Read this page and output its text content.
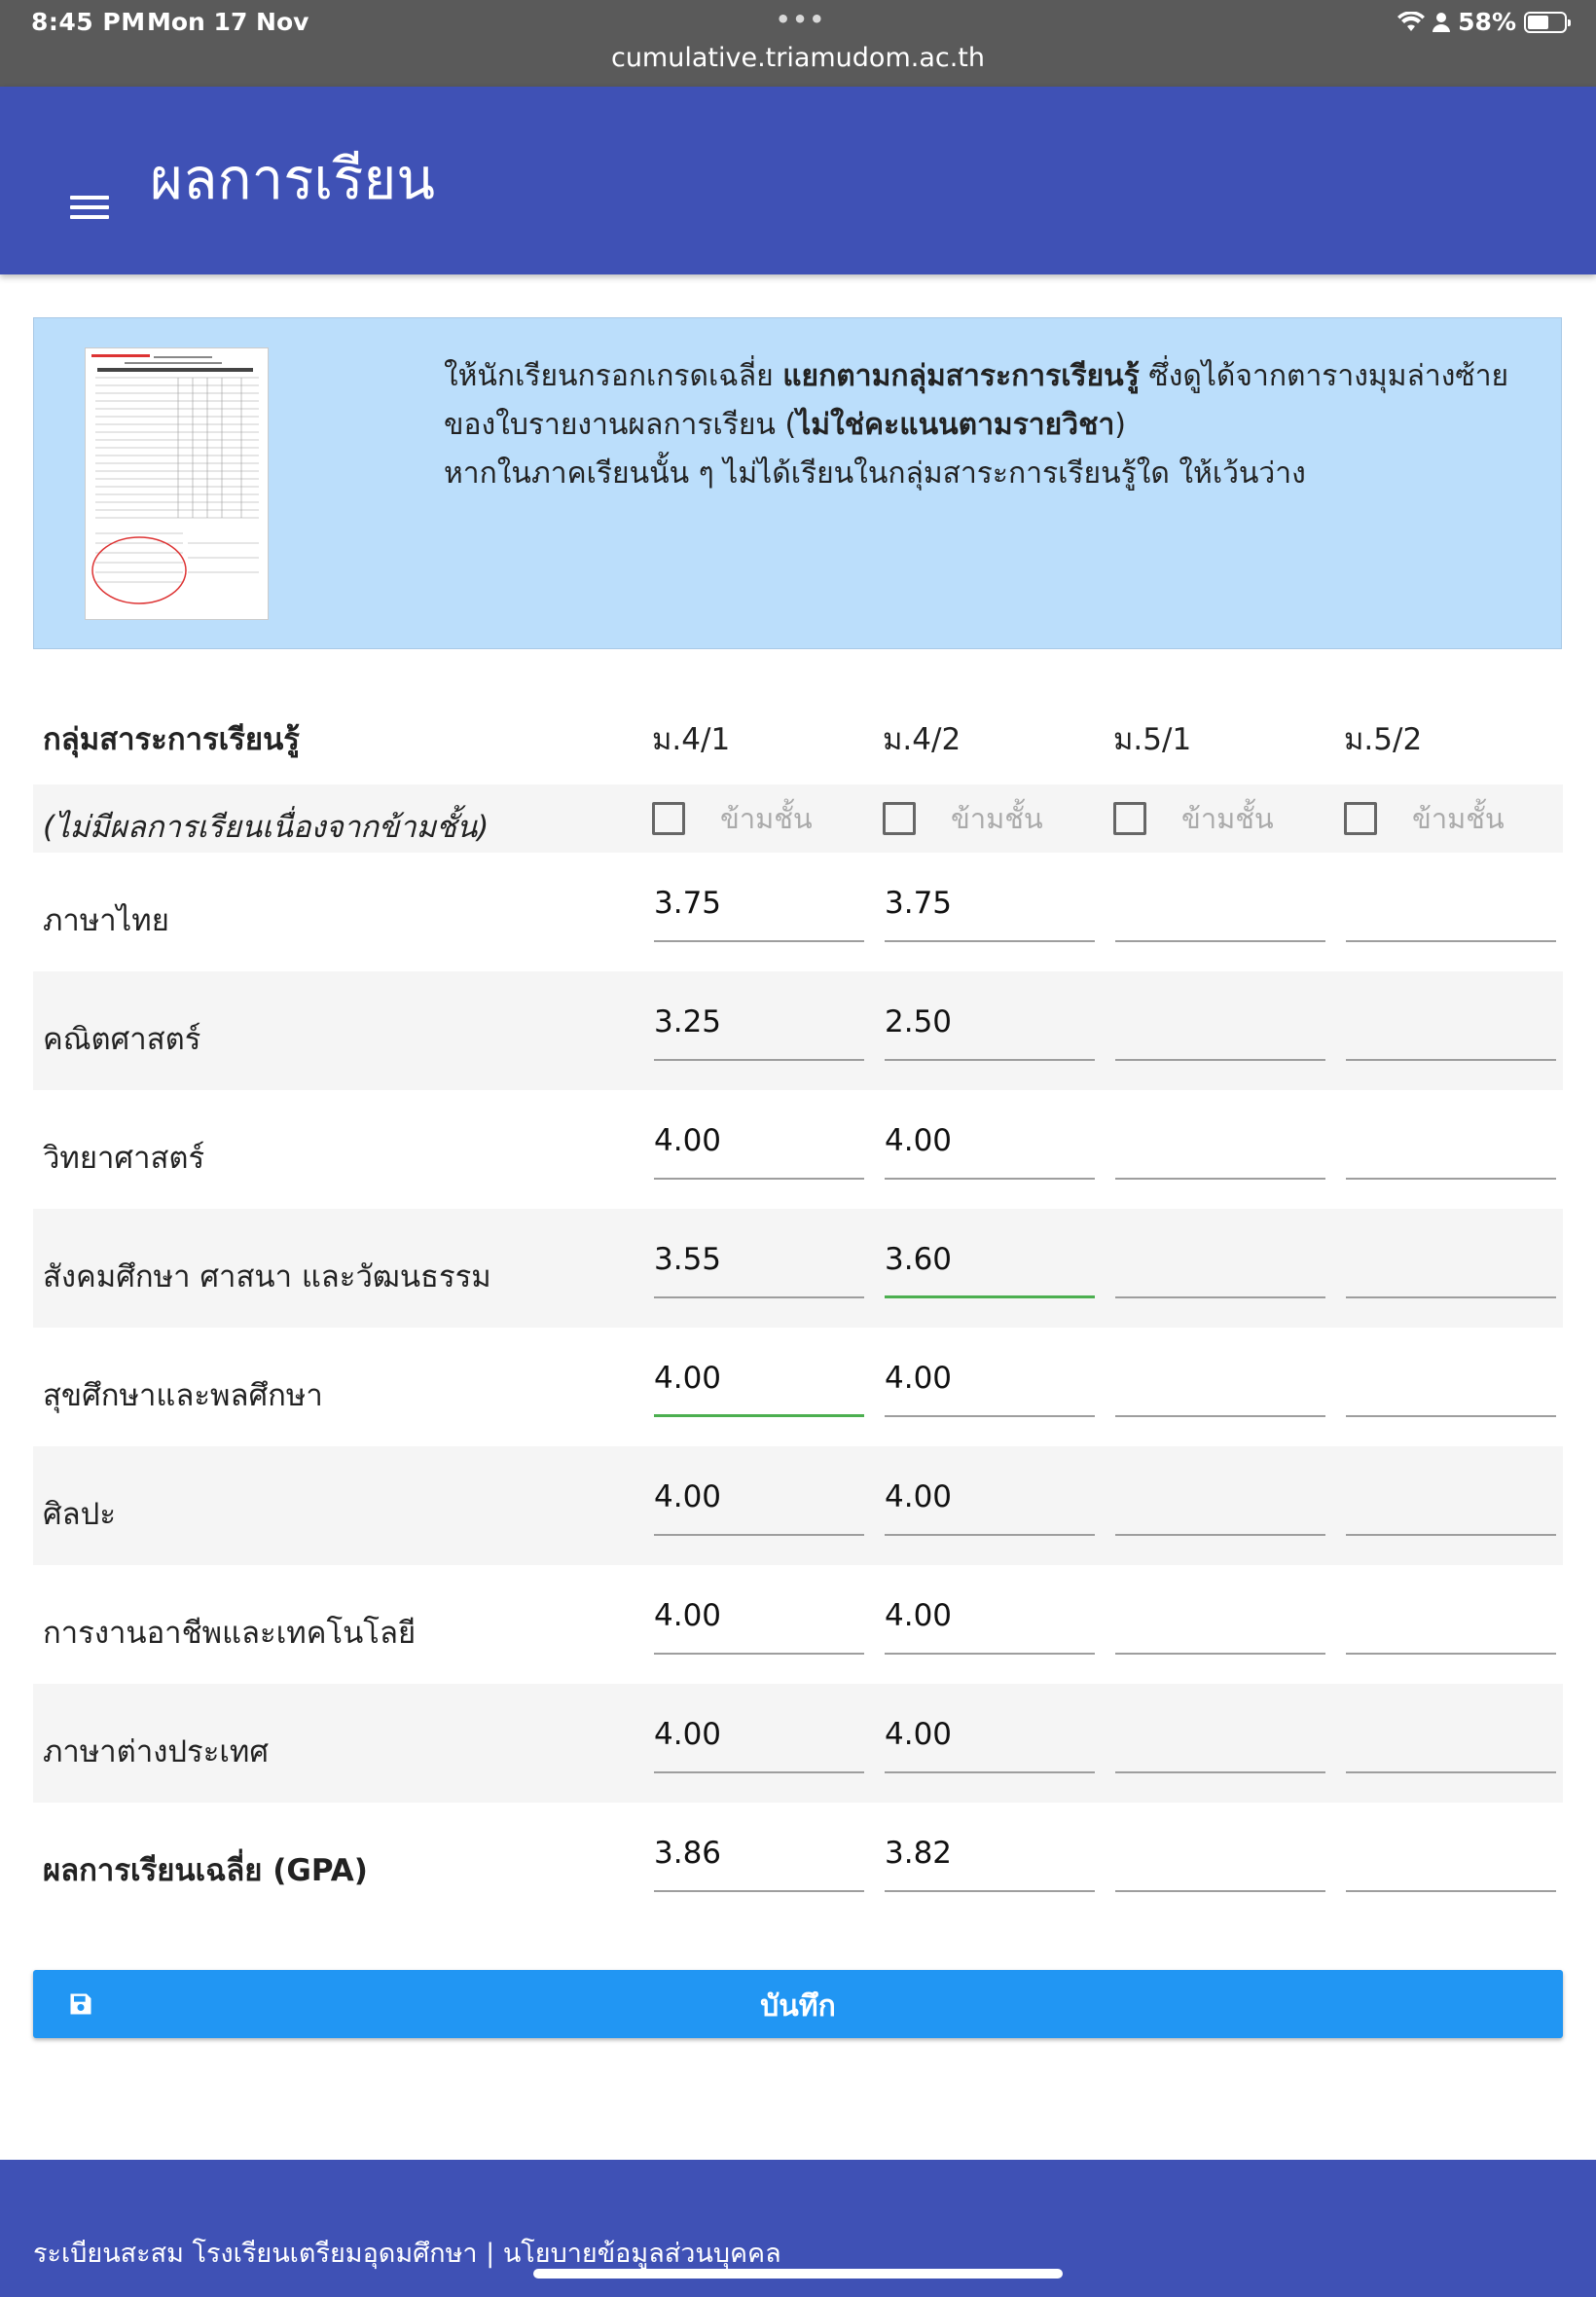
8:45 PM Mon 17 Nov	•••
cumulative.triamudom.ac.th
58%
ผลการเรียน
ให้นักเรียนกรอกเกรดเฉลี่ย แยกตามกลุ่มสาระการเรียนรู้ ซึ่งดูได้จากตารางมุมล่างซ้าย
ของใบรายงานผลการเรียน (ไม่ใช่คะแนนตามรายวิชา)
หากในภาคเรียนนั้น ๆ ไม่ได้เรียนในกลุ่มสาระการเรียนรู้ใด ให้เว้นว่าง
กลุ่มสาระการเรียนรู้	ม.4/1	ม.4/2	ม.5/1	ม.5/2
(ไม่มีผลการเรียนเนื่องจากข้ามชั้น)	ข้ามชั้น	ข้ามชั้น	ข้ามชั้น	ข้ามชั้น
ภาษาไทย	3.75	3.75
คณิตศาสตร์	3.25	2.50
วิทยาศาสตร์	4.00	4.00
สังคมศึกษา ศาสนา และวัฒนธรรม	3.55	3.60
สุขศึกษาและพลศึกษา	4.00	4.00
ศิลปะ	4.00	4.00
การงานอาชีพและเทคโนโลยี	4.00	4.00
ภาษาต่างประเทศ	4.00	4.00
ผลการเรียนเฉลี่ย (GPA)	3.86	3.82
บันทึก
ระเบียนสะสม โรงเรียนเตรียมอุดมศึกษา | นโยบายข้อมูลส่วนบุคคล
